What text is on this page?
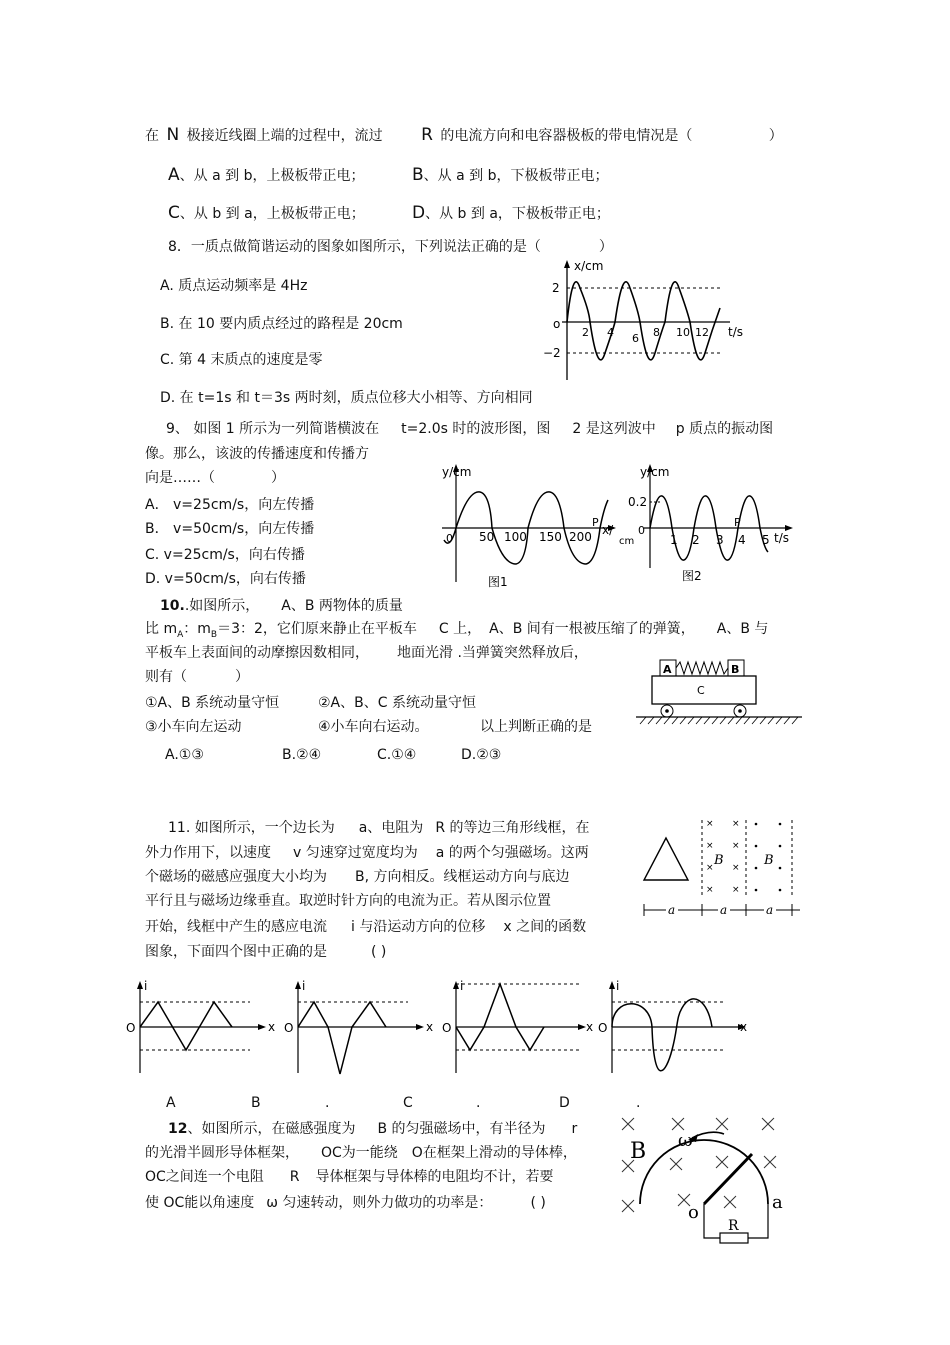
在 N 极接近线圈上端的过程中，流过 R 的电流方向和电容器极板的带电情况是（	）
A、从 a 到 b，上极板带正电；	B、从 a 到 b，下极板带正电；
C、从 b 到 a，上极板带正电；	D、从 b 到 a，下极板带正电；
8．一质点做简谐运动的图象如图所示，下列说法正确的是（	）
A. 质点运动频率是 4Hz
B. 在 10 要内质点经过的路程是 20cm
C. 第 4 末质点的速度是零
D. 在 t=1s 和 t＝3s 两时刻，质点位移大小相等、方向相同
x/cm
t/s
o
2
−2
2 4 6 8 10 12
9、 如图 1 所示为一列简谐横波在 t=2.0s 时的波形图，图 2 是这列波中 p 质点的振动图
像。那么，该波的传播速度和传播方
向是……（	）
A． v=25cm/s，向左传播
B． v=50cm/s，向左传播
C. v=25cm/s，向右传播
D. v=50cm/s，向右传播
y/cm
x/
cm
0 50 100 150 200
P
图1
y/cm
t/s
0.2
0
1 2 3 4 5
P
图2
10..如图所示， A、B 两物体的质量
比 $m_A$：$m_B=3$：2，它们原来静止在平板车 C 上， A、B 间有一根被压缩了的弹簧， A、B 与
平板车上表面间的动摩擦因数相同， 地面光滑 .当弹簧突然释放后，
则有（	）
①A、B 系统动量守恒	②A、B、C 系统动量守恒
③小车向左运动	④小车向右运动。	以上判断正确的是
A.①③	B.②④	C.①④	D.②③
A	B
C
11. 如图所示，一个边长为 a、电阻为 R 的等边三角形线框，在
外力作用下，以速度 v 匀速穿过宽度均为 a 的两个匀强磁场。这两
个磁场的磁感应强度大小均为 B, 方向相反。线框运动方向与底边
平行且与磁场边缘垂直。取逆时针方向的电流为正。若从图示位置
开始，线框中产生的感应电流 i 与沿运动方向的位移 x 之间的函数
图象，下面四个图中正确的是	( )
× ×
× ×
× ×
× ×
B	B
a	a	a
i
x
O
i
x
O
i
x
O
i
x
O
A	B	.	C	.	D	.
12、如图所示，在磁感强度为 B 的匀强磁场中，有半径为 r
的光滑半圆形导体框架， OC为一能绕 O在框架上滑动的导体棒，
OC之间连一个电阻 R 导体框架与导体棒的电阻均不计，若要
使 OC能以角速度 ω 匀速转动，则外力做功的功率是：	( )
B ω
o	a
R
